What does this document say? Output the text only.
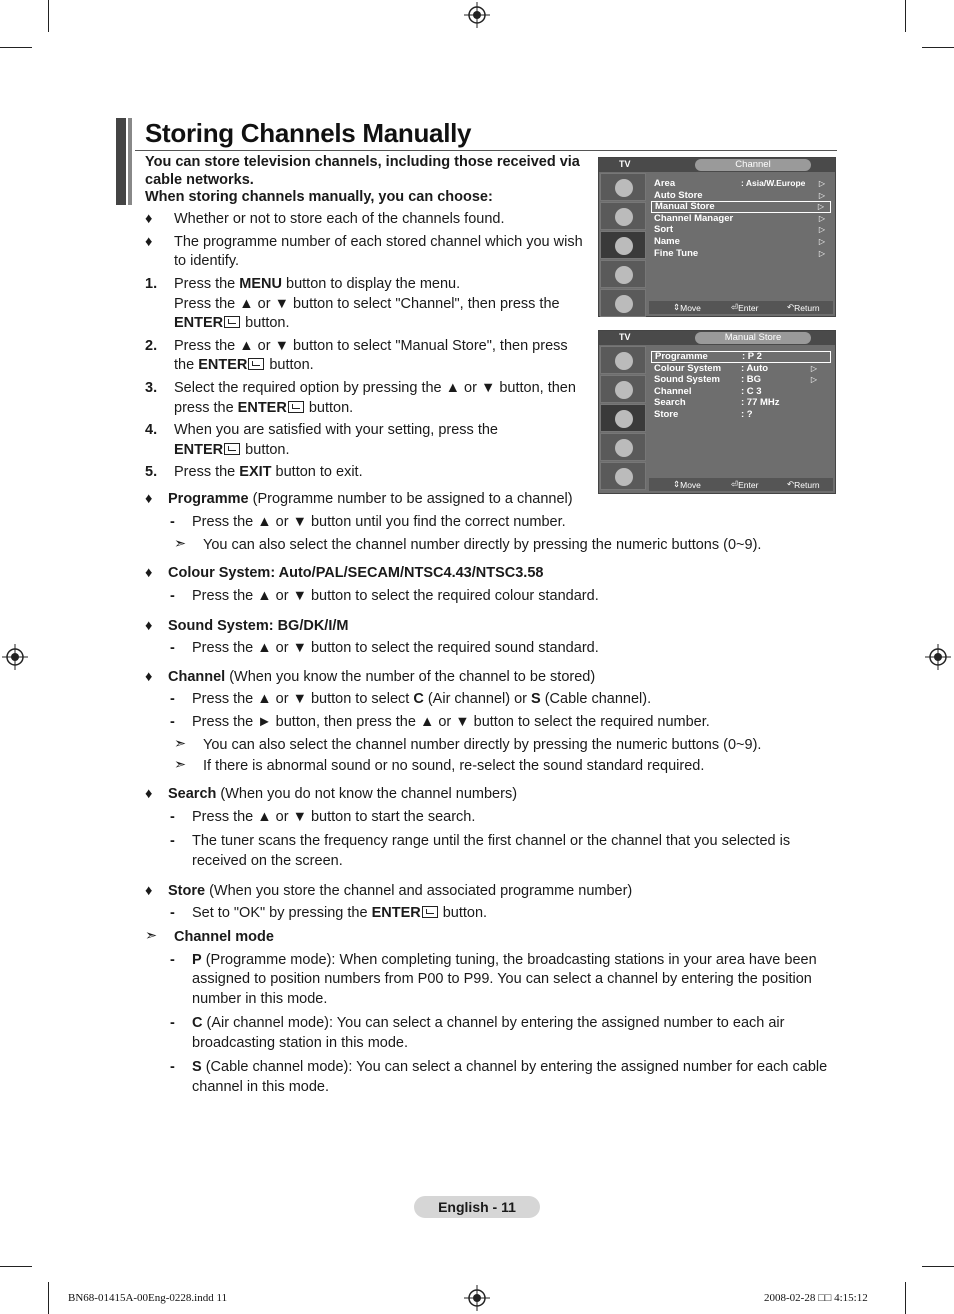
Storing Channels Manually
You can store television channels, including those received via
cable networks.
When storing channels manually, you can choose:
♦ Whether or not to store each of the channels found.
♦ The programme number of each stored channel which you wish
to identify.
1. Press the MENU button to display the menu.
Press the ▲ or ▼ button to select "Channel", then press the
ENTER button.
2. Press the ▲ or ▼ button to select "Manual Store", then press
the ENTER button.
3. Select the required option by pressing the ▲ or ▼ button, then
press the ENTER button.
4. When you are satisfied with your setting, press the
ENTER button.
5. Press the EXIT button to exit.
♦ Programme (Programme number to be assigned to a channel)
- Press the ▲ or ▼ button until you find the correct number.
➣ You can also select the channel number directly by pressing the numeric buttons (0~9).
♦ Colour System: Auto/PAL/SECAM/NTSC4.43/NTSC3.58
- Press the ▲ or ▼ button to select the required colour standard.
♦ Sound System: BG/DK/I/M
- Press the ▲ or ▼ button to select the required sound standard.
♦ Channel (When you know the number of the channel to be stored)
- Press the ▲ or ▼ button to select C (Air channel) or S (Cable channel).
- Press the ► button, then press the ▲ or ▼ button to select the required number.
➣ You can also select the channel number directly by pressing the numeric buttons (0~9).
➣ If there is abnormal sound or no sound, re-select the sound standard required.
♦ Search (When you do not know the channel numbers)
- Press the ▲ or ▼ button to start the search.
- The tuner scans the frequency range until the first channel or the channel that you selected is
received on the screen.
♦ Store (When you store the channel and associated programme number)
- Set to "OK" by pressing the ENTER button.
➣ Channel mode
- P (Programme mode): When completing tuning, the broadcasting stations in your area have been
assigned to position numbers from P00 to P99. You can select a channel by entering the position
number in this mode.
- C (Air channel mode): You can select a channel by entering the assigned number to each air
broadcasting station in this mode.
- S (Cable channel mode): You can select a channel by entering the assigned number for each cable
channel in this mode.
TV	Channel
Area	: Asia/W.Europe ▷
Auto Store	▷
Manual Store	▷
Channel Manager	▷
Sort	▷
Name	▷
Fine Tune	▷
⇕ Move	⏎ Enter	↶ Return
TV	Manual Store
Programme	: P 2
Colour System : Auto	▷
Sound System : BG	▷
Channel	: C 3
Search	: 77 MHz
Store	: ?
⇕ Move	⏎ Enter	↶ Return
English - 11
BN68-01415A-00Eng-0228.indd 11	2008-02-28 □□ 4:15:12
